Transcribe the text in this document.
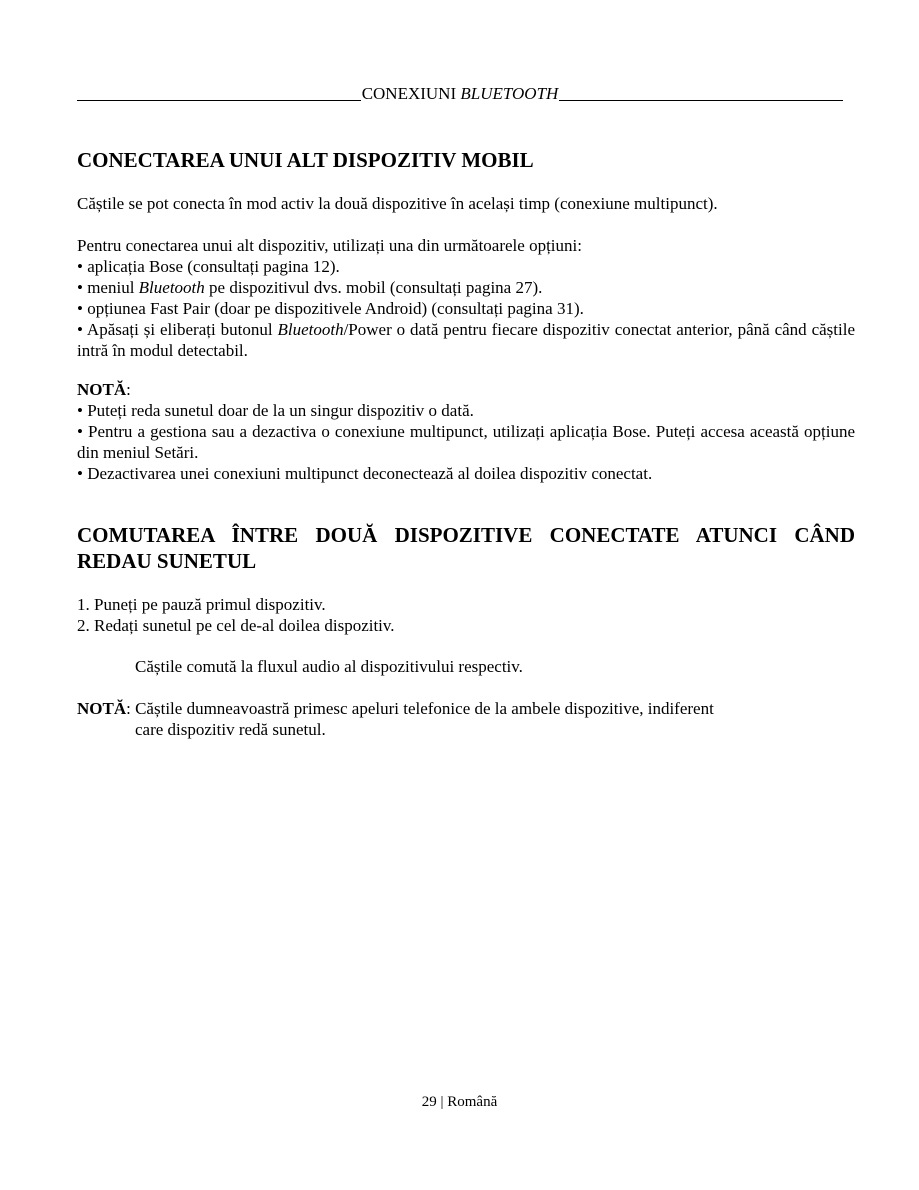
CONEXIUNI BLUETOOTH
CONECTAREA UNUI ALT DISPOZITIV MOBIL

Căștile se pot conecta în mod activ la două dispozitive în același timp (conexiune multipunct).

Pentru conectarea unui alt dispozitiv, utilizați una din următoarele opțiuni:
• aplicația Bose (consultați pagina 12).
• meniul Bluetooth pe dispozitivul dvs. mobil (consultați pagina 27).
• opțiunea Fast Pair (doar pe dispozitivele Android) (consultați pagina 31).
• Apăsați și eliberați butonul Bluetooth/Power o dată pentru fiecare dispozitiv conectat anterior, până când căștile intră în modul detectabil.
NOTĂ:
• Puteți reda sunetul doar de la un singur dispozitiv o dată.
• Pentru a gestiona sau a dezactiva o conexiune multipunct, utilizați aplicația Bose. Puteți accesa această opțiune din meniul Setări.
• Dezactivarea unei conexiuni multipunct deconectează al doilea dispozitiv conectat.
COMUTAREA ÎNTRE DOUĂ DISPOZITIVE CONECTATE ATUNCI CÂND REDAU SUNETUL
1. Puneți pe pauză primul dispozitiv.
2. Redați sunetul pe cel de-al doilea dispozitiv.

Căștile comută la fluxul audio al dispozitivului respectiv.

NOTĂ: Căștile dumneavoastră primesc apeluri telefonice de la ambele dispozitive, indiferent
care dispozitiv redă sunetul.
29 | Română
